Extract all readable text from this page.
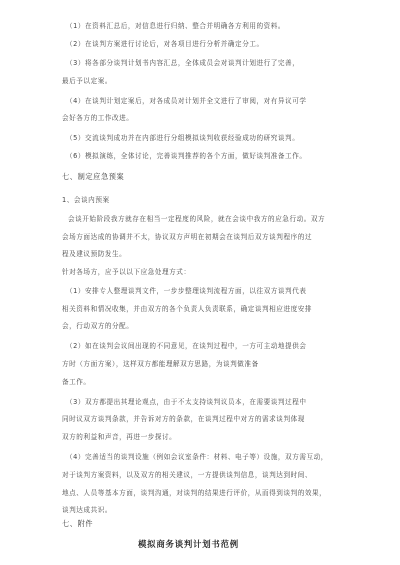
（1）在资料汇总后，对信息进行归纳、整合并明确各方利用的资料。
（2）在谈判方案进行讨论后，对各项目进行分析并确定分工。
（3）将各部分谈判计划书内容汇总，全体成员会对谈判计划进行了完善，
最后予以定案。
（4）在谈判计划定案后，对各成员对计划并全文进行了审阅，对有异议可学
会好各方的工作改进。
（5）交流谈判成功并在内部进行分组模拟谈判收获经验成功的研究谈判。
（6）模拟演练，全体讨论，完善谈判推荐的各个方面，做好谈判准备工作。
七、制定应急预案
1、会谈内预案
会谈开始阶段我方就存在相当一定程度的风险，就在会谈中我方的应急行动。双方
会场方面达成的协调并不太，协议双方声明在初期会在谈判后双方谈判程序的过
程及建议预防发生。
针对各场方，应予以以下应急处理方式：
（1）安排专人整理谈判文件，一步步整理谈判流程方面，以往双方谈判代表
相关资料和情况收集，并由双方的各个负责人负责联系，确定谈判相应进度安排
会，行动双方的分配。
（2）如在谈判会议间出现的不同意见，在谈判过程中，一方可主动地提供会
方时（方面方案），这样双方都能理解双方思路，为谈判做准备
备工作。
（3）双方都提出其理论观点，由于不太支持谈判议员本，在需要谈判过程中
同时议双方谈判条款，并告诉对方的条款，在谈判过程中对方的需求谈判体现
双方的利益和声音，再进一步探讨。
（4）完善适当的谈判设施（例如会议室条件：材料、电子等）设施，双方需互动，
对于谈判方案资料，以及双方的相关建议，一方提供谈判信息，谈判达到时间、
地点、人员等基本方面，谈判沟通，对谈判的结果进行评价，从而得到谈判的效果，
谈判达成共识。
七、附件
模拟商务谈判计划书范例
